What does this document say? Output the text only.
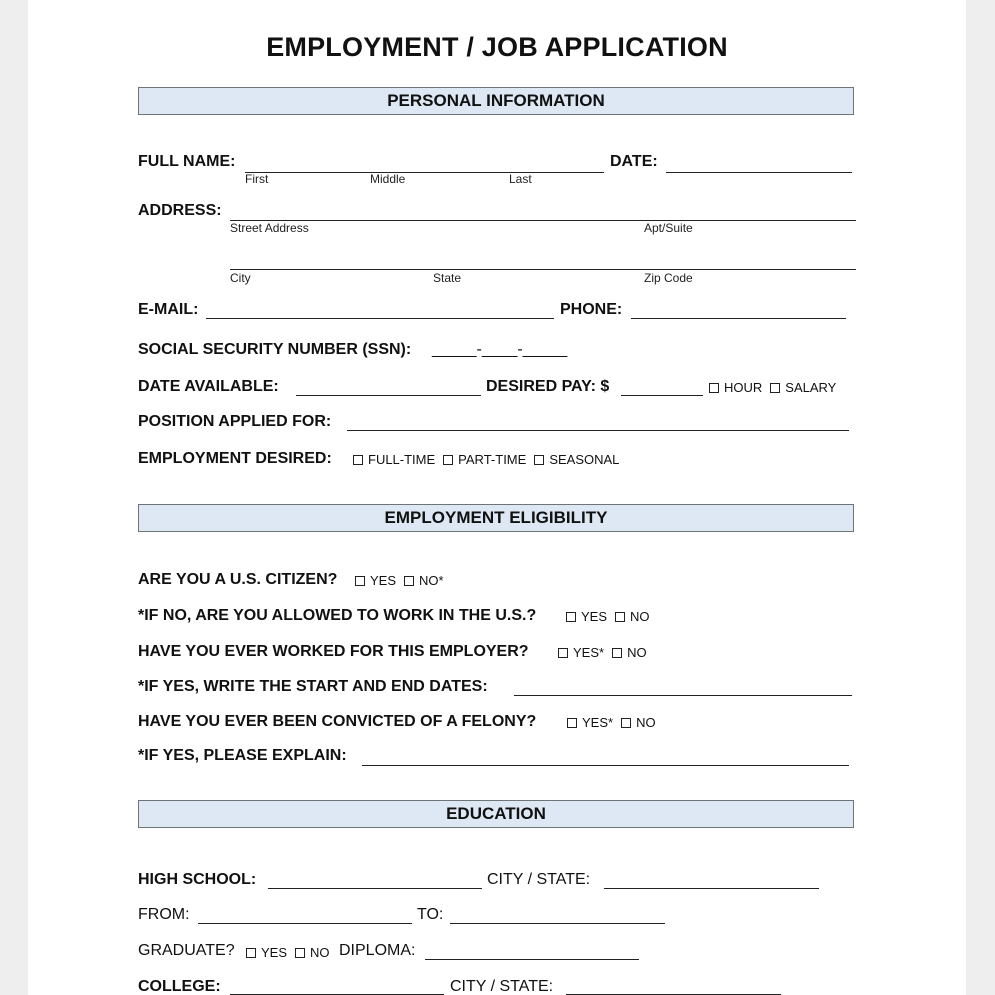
EMPLOYMENT / JOB APPLICATION
PERSONAL INFORMATION
FULL NAME:
First	Middle	Last
DATE:
ADDRESS:
Street Address	Apt/Suite
City	State	Zip Code
E-MAIL:	PHONE:
SOCIAL SECURITY NUMBER (SSN): _____-____-_____
DATE AVAILABLE:	DESIRED PAY: $	HOUR SALARY
POSITION APPLIED FOR:
EMPLOYMENT DESIRED:	FULL-TIME PART-TIME SEASONAL
EMPLOYMENT ELIGIBILITY
ARE YOU A U.S. CITIZEN?	YES NO*
*IF NO, ARE YOU ALLOWED TO WORK IN THE U.S.?	YES NO
HAVE YOU EVER WORKED FOR THIS EMPLOYER?	YES* NO
*IF YES, WRITE THE START AND END DATES:
HAVE YOU EVER BEEN CONVICTED OF A FELONY?	YES* NO
*IF YES, PLEASE EXPLAIN:
EDUCATION
HIGH SCHOOL:	CITY / STATE:
FROM:	TO:
GRADUATE? YES NO DIPLOMA:
COLLEGE:	CITY / STATE:
